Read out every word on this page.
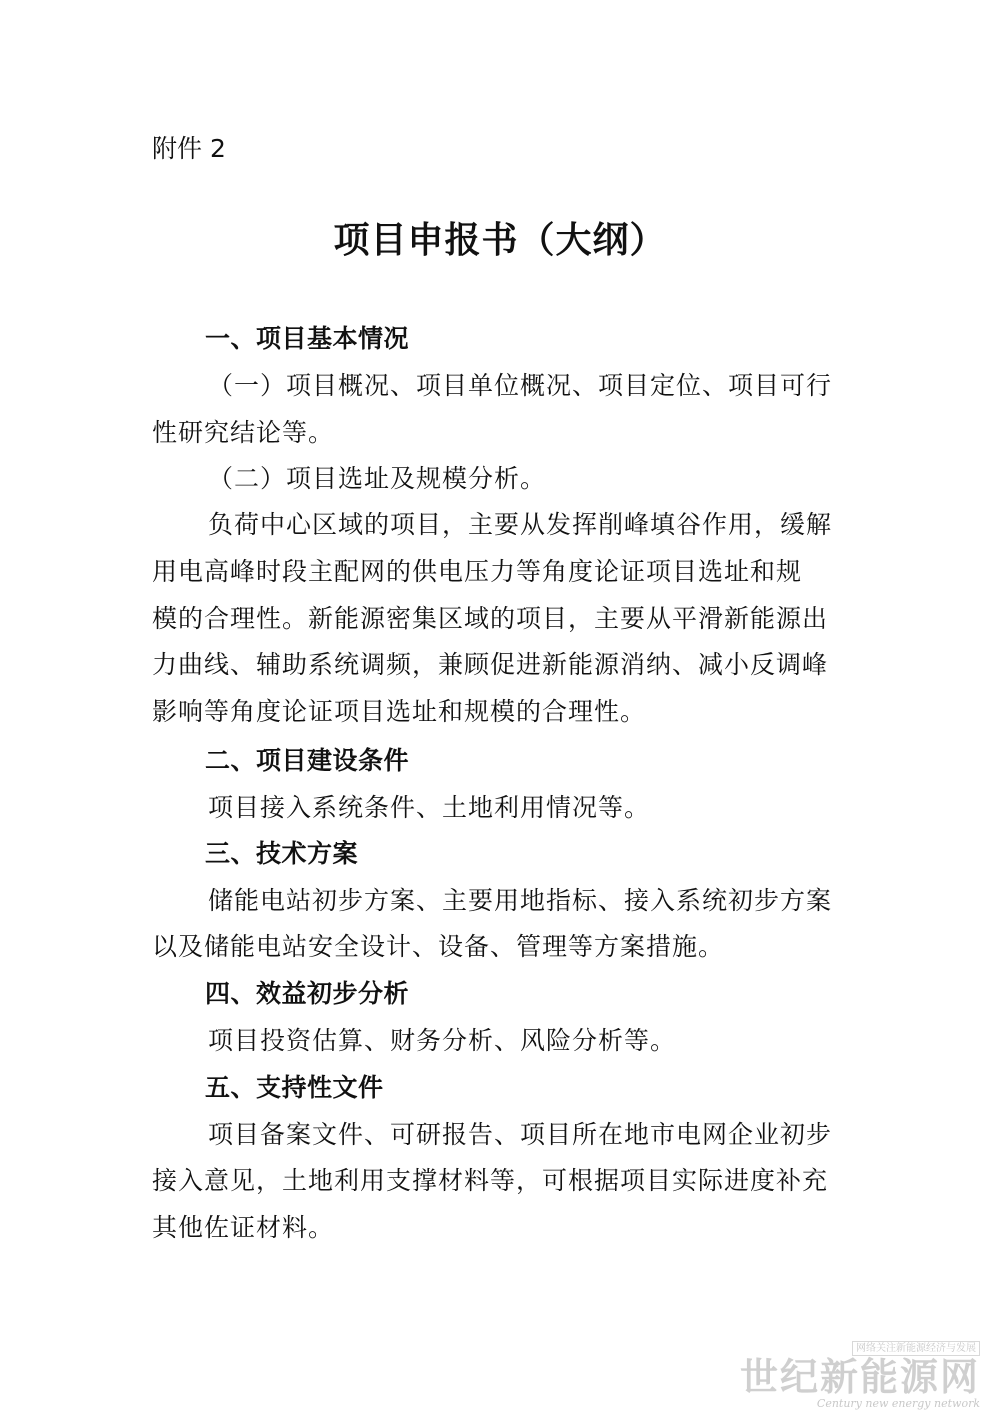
附件 2
项目申报书（大纲）
一、项目基本情况
（一）项目概况、项目单位概况、项目定位、项目可行
性研究结论等。
（二）项目选址及规模分析。
负荷中心区域的项目，主要从发挥削峰填谷作用，缓解
用电高峰时段主配网的供电压力等角度论证项目选址和规
模的合理性。新能源密集区域的项目，主要从平滑新能源出
力曲线、辅助系统调频，兼顾促进新能源消纳、减小反调峰
影响等角度论证项目选址和规模的合理性。
二、项目建设条件
项目接入系统条件、土地利用情况等。
三、技术方案
储能电站初步方案、主要用地指标、接入系统初步方案
以及储能电站安全设计、设备、管理等方案措施。
四、效益初步分析
项目投资估算、财务分析、风险分析等。
五、支持性文件
项目备案文件、可研报告、项目所在地市电网企业初步
接入意见，土地利用支撑材料等，可根据项目实际进度补充
其他佐证材料。
网络关注新能源经济与发展
世纪新能源网
Century new energy network
